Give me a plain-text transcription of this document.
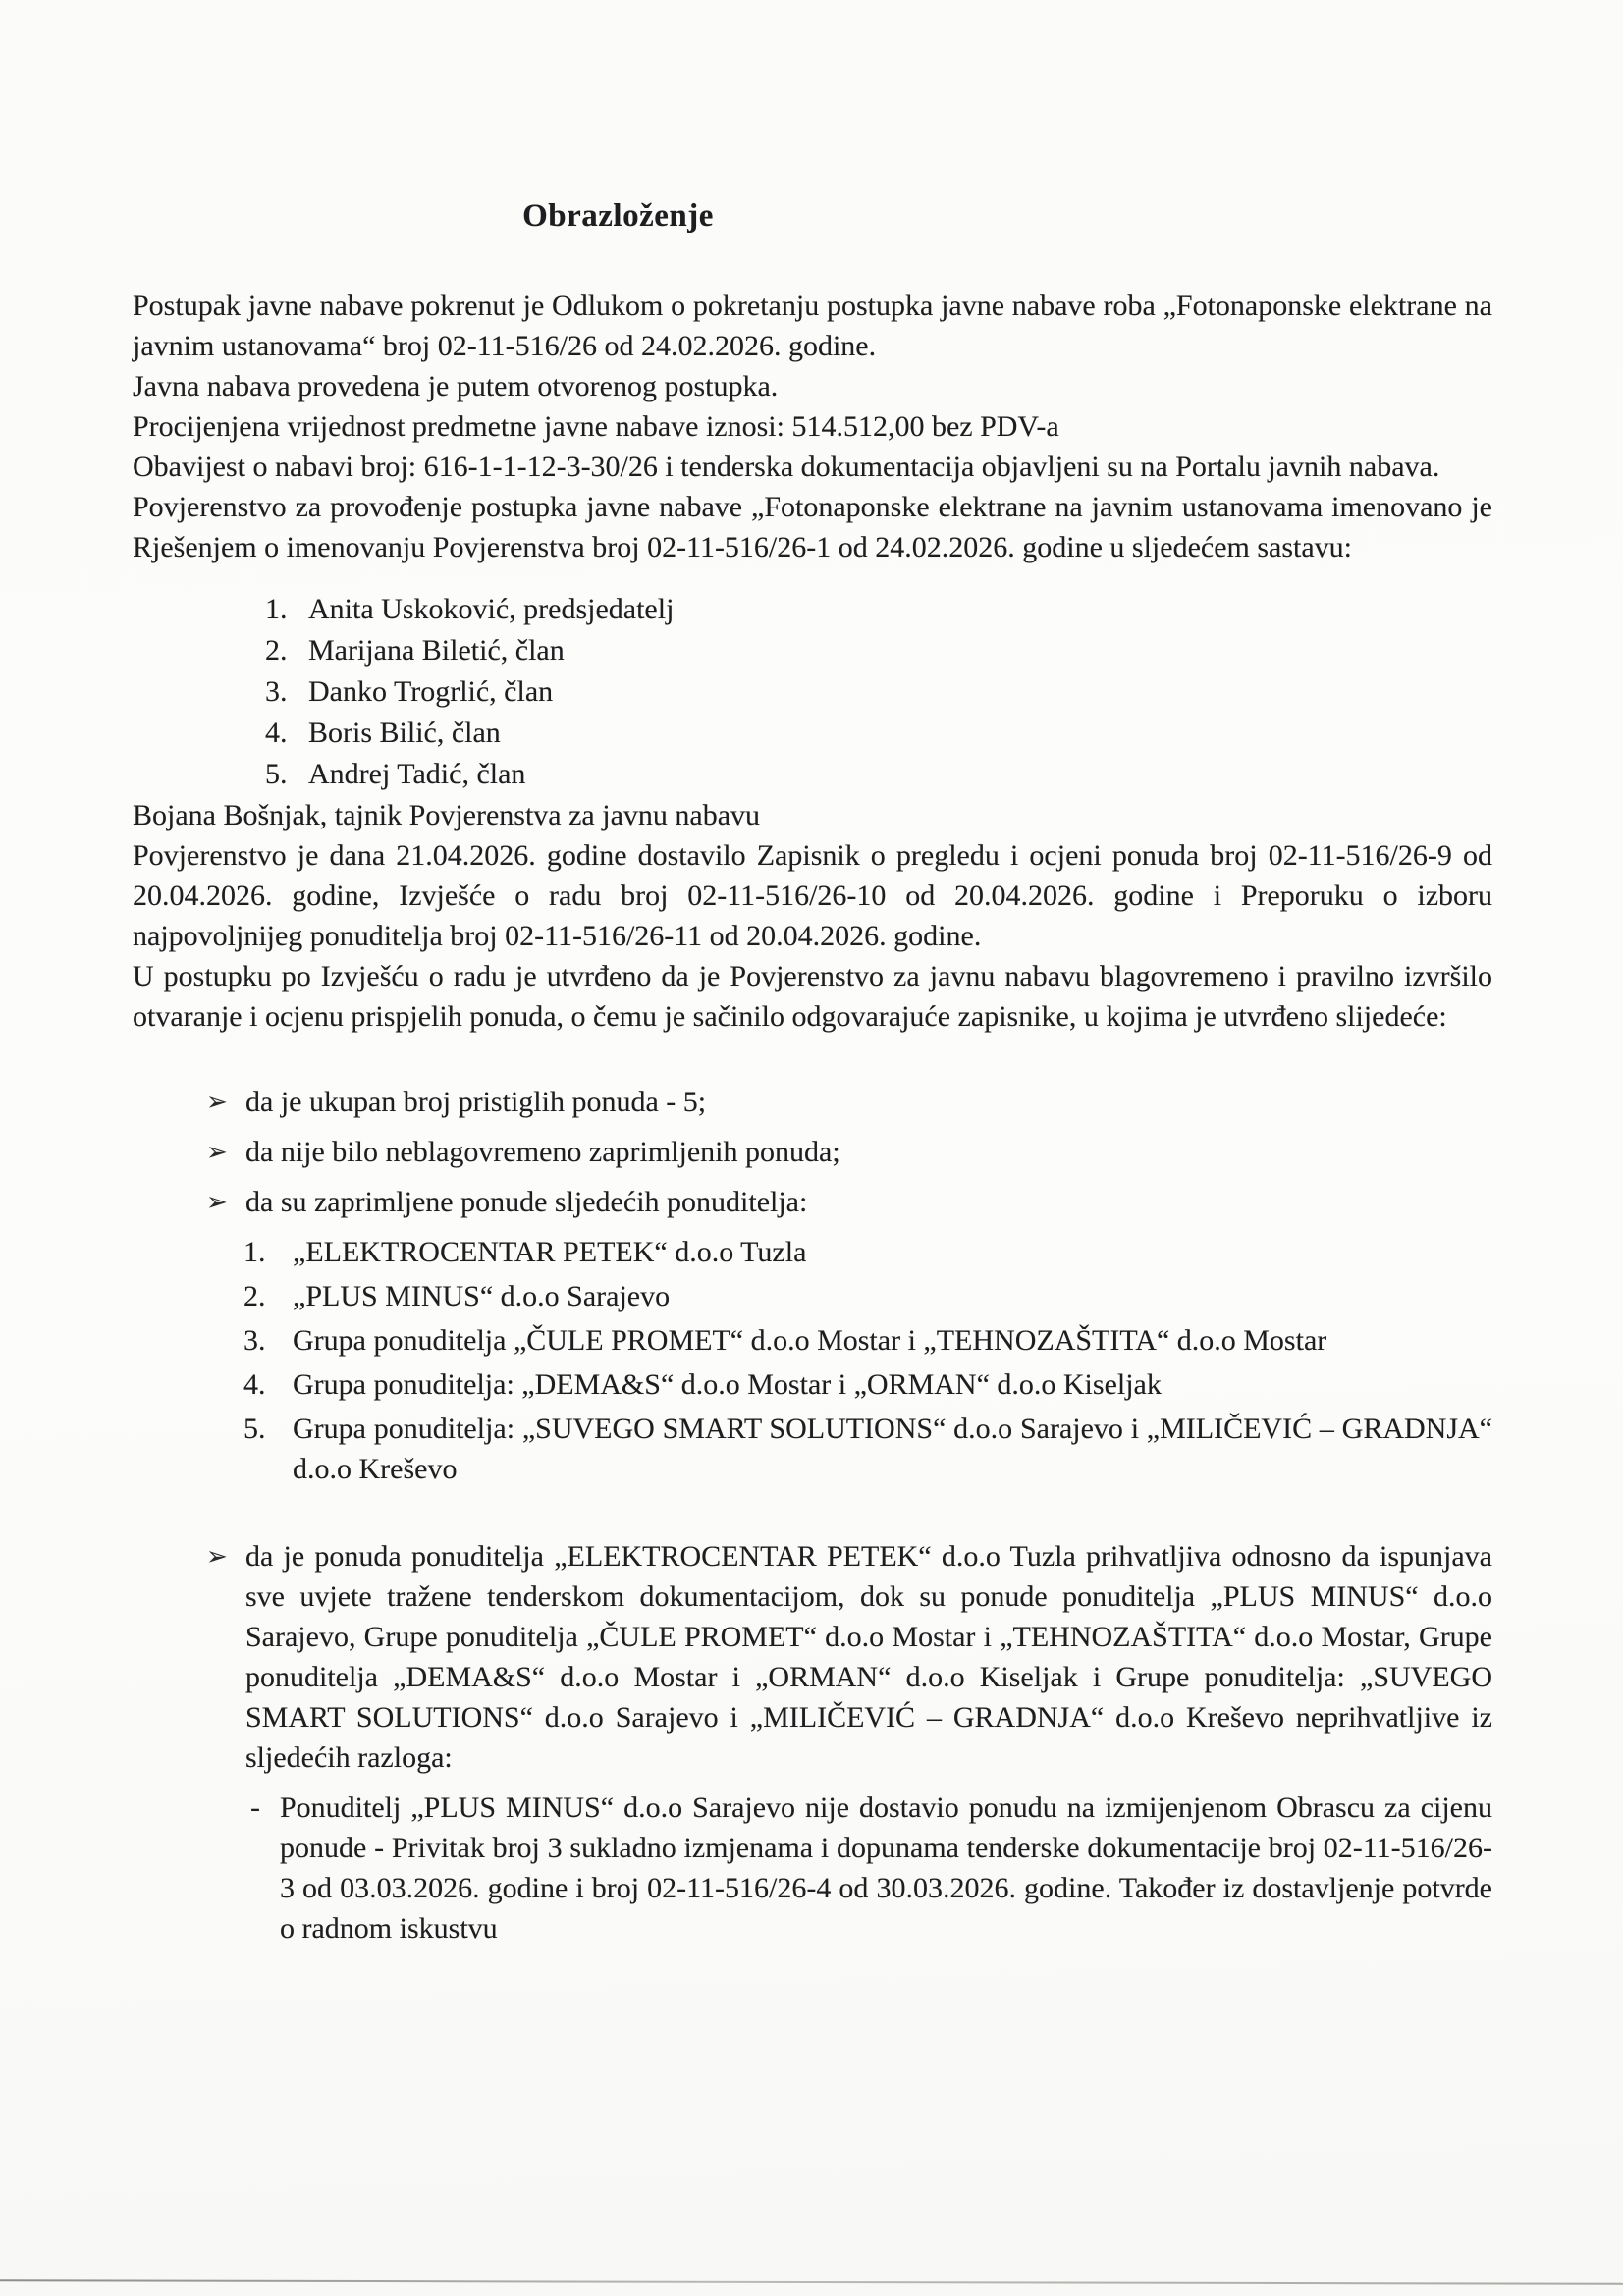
Obrazloženje

Postupak javne nabave pokrenut je Odlukom o pokretanju postupka javne nabave roba „Fotonaponske elektrane na javnim ustanovama“ broj 02-11-516/26 od 24.02.2026. godine.

Javna nabava provedena je putem otvorenog postupka.

Procijenjena vrijednost predmetne javne nabave iznosi: 514.512,00 bez PDV-a

Obavijest o nabavi broj: 616-1-1-12-3-30/26 i tenderska dokumentacija objavljeni su na Portalu javnih nabava.

Povjerenstvo za provođenje postupka javne nabave „Fotonaponske elektrane na javnim ustanovama imenovano je Rješenjem o imenovanju Povjerenstva broj 02-11-516/26-1 od 24.02.2026. godine u sljedećem sastavu:

1. Anita Uskoković, predsjedatelj
2. Marijana Biletić, član
3. Danko Trogrlić, član
4. Boris Bilić, član
5. Andrej Tadić, član

Bojana Bošnjak, tajnik Povjerenstva za javnu nabavu

Povjerenstvo je dana 21.04.2026. godine dostavilo Zapisnik o pregledu i ocjeni ponuda broj 02-11-516/26-9 od 20.04.2026. godine, Izvješće o radu broj 02-11-516/26-10 od 20.04.2026. godine i Preporuku o izboru najpovoljnijeg ponuditelja broj 02-11-516/26-11 od 20.04.2026. godine.

U postupku po Izvješću o radu je utvrđeno da je Povjerenstvo za javnu nabavu blagovremeno i pravilno izvršilo otvaranje i ocjenu prispjelih ponuda, o čemu je sačinilo odgovarajuće zapisnike, u kojima je utvrđeno slijedeće:

➢ da je ukupan broj pristiglih ponuda - 5;
➢ da nije bilo neblagovremeno zaprimljenih ponuda;
➢ da su zaprimljene ponude sljedećih ponuditelja:
1. „ELEKTROCENTAR PETEK“ d.o.o Tuzla
2. „PLUS MINUS“ d.o.o Sarajevo
3. Grupa ponuditelja „ČULE PROMET“ d.o.o Mostar i „TEHNOZAŠTITA“ d.o.o Mostar
4. Grupa ponuditelja: „DEMA&S“ d.o.o Mostar i „ORMAN“ d.o.o Kiseljak
5. Grupa ponuditelja: „SUVEGO SMART SOLUTIONS“ d.o.o Sarajevo i „MILIČEVIĆ – GRADNJA“ d.o.o Kreševo
➢ da je ponuda ponuditelja „ELEKTROCENTAR PETEK“ d.o.o Tuzla prihvatljiva odnosno da ispunjava sve uvjete tražene tenderskom dokumentacijom, dok su ponude ponuditelja „PLUS MINUS“ d.o.o Sarajevo, Grupe ponuditelja „ČULE PROMET“ d.o.o Mostar i „TEHNOZAŠTITA“ d.o.o Mostar, Grupe ponuditelja „DEMA&S“ d.o.o Mostar i „ORMAN“ d.o.o Kiseljak i Grupe ponuditelja: „SUVEGO SMART SOLUTIONS“ d.o.o Sarajevo i „MILIČEVIĆ – GRADNJA“ d.o.o Kreševo neprihvatljive iz sljedećih razloga:
- Ponuditelj „PLUS MINUS“ d.o.o Sarajevo nije dostavio ponudu na izmijenjenom Obrascu za cijenu ponude - Privitak broj 3 sukladno izmjenama i dopunama tenderske dokumentacije broj 02-11-516/26-3 od 03.03.2026. godine i broj 02-11-516/26-4 od 30.03.2026. godine. Također iz dostavljenje potvrde o radnom iskustvu
